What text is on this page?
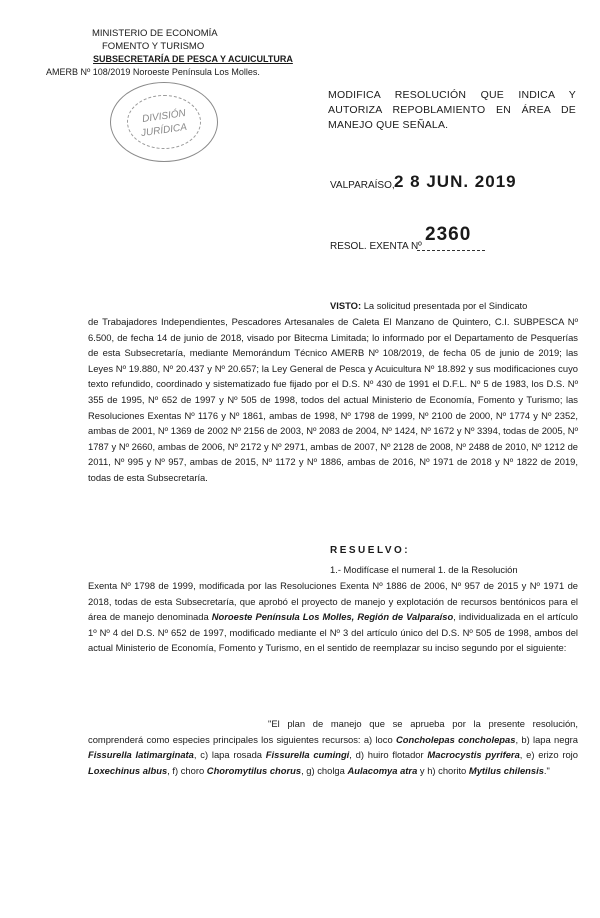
MINISTERIO DE ECONOMÍA
FOMENTO Y TURISMO
SUBSECRETARÍA DE PESCA Y ACUICULTURA
AMERB Nº 108/2019 Noroeste Península Los Molles.
DIVISIÓN
JURÍDICA
MODIFICA RESOLUCIÓN QUE INDICA Y AUTORIZA REPOBLAMIENTO EN ÁREA DE MANEJO QUE SEÑALA.
VALPARAÍSO, 2 8 JUN. 2019
RESOL. EXENTA Nº
2360
VISTO: La solicitud presentada por el Sindicato
de Trabajadores Independientes, Pescadores Artesanales de Caleta El Manzano de Quintero, C.I. SUBPESCA Nº 6.500, de fecha 14 de junio de 2018, visado por Bitecma Limitada; lo informado por el Departamento de Pesquerías de esta Subsecretaría, mediante Memorándum Técnico AMERB Nº 108/2019, de fecha 05 de junio de 2019; las Leyes Nº 19.880, Nº 20.437 y Nº 20.657; la Ley General de Pesca y Acuicultura Nº 18.892 y sus modificaciones cuyo texto refundido, coordinado y sistematizado fue fijado por el D.S. Nº 430 de 1991 el D.F.L. Nº 5 de 1983, los D.S. Nº 355 de 1995, Nº 652 de 1997 y Nº 505 de 1998, todos del actual Ministerio de Economía, Fomento y Turismo; las Resoluciones Exentas Nº 1176 y Nº 1861, ambas de 1998, Nº 1798 de 1999, Nº 2100 de 2000, Nº 1774 y Nº 2352, ambas de 2001, Nº 1369 de 2002 Nº 2156 de 2003, Nº 2083 de 2004, Nº 1424, Nº 1672 y Nº 3394, todas de 2005, Nº 1787 y Nº 2660, ambas de 2006, Nº 2172 y Nº 2971, ambas de 2007, Nº 2128 de 2008, Nº 2488 de 2010, Nº 1212 de 2011, Nº 995 y Nº 957, ambas de 2015, Nº 1172 y Nº 1886, ambas de 2016, Nº 1971 de 2018 y Nº 1822 de 2019, todas de esta Subsecretaría.
RESUELVO:
1.- Modifícase el numeral 1. de la Resolución
Exenta Nº 1798 de 1999, modificada por las Resoluciones Exenta Nº 1886 de 2006, Nº 957 de 2015 y Nº 1971 de 2018, todas de esta Subsecretaría, que aprobó el proyecto de manejo y explotación de recursos bentónicos para el área de manejo denominada Noroeste Península Los Molles, Región de Valparaíso, individualizada en el artículo 1º Nº 4 del D.S. Nº 652 de 1997, modificado mediante el Nº 3 del artículo único del D.S. Nº 505 de 1998, ambos del actual Ministerio de Economía, Fomento y Turismo, en el sentido de reemplazar su inciso segundo por el siguiente:
"El plan de manejo que se aprueba por la presente resolución, comprenderá como especies principales los siguientes recursos: a) loco Concholepas concholepas, b) lapa negra Fissurella latimarginata, c) lapa rosada Fissurella cumingi, d) huiro flotador Macrocystis pyrifera, e) erizo rojo Loxechinus albus, f) choro Choromytilus chorus, g) cholga Aulacomya atra y h) chorito Mytilus chilensis."
